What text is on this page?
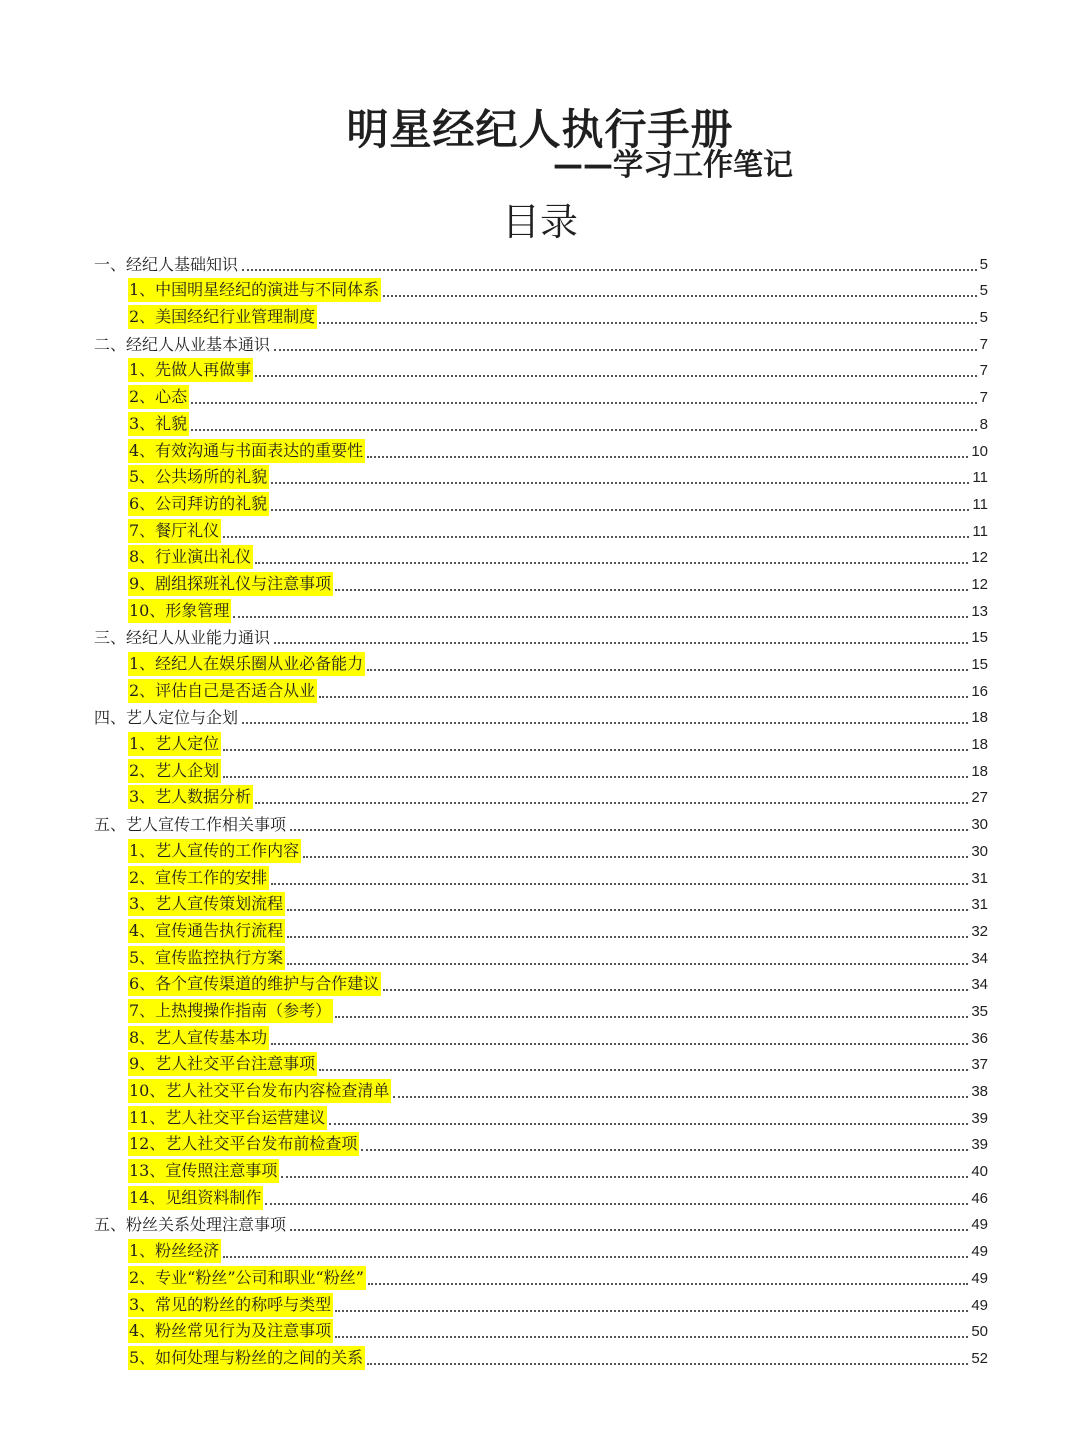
明星经纪人执行手册
——学习工作笔记
目录
一、经纪人基础知识	5
1、中国明星经纪的演进与不同体系	5
2、美国经纪行业管理制度	5
二、经纪人从业基本通识	7
1、先做人再做事	7
2、心态	7
3、礼貌	8
4、有效沟通与书面表达的重要性	10
5、公共场所的礼貌	11
6、公司拜访的礼貌	11
7、餐厅礼仪	11
8、行业演出礼仪	12
9、剧组探班礼仪与注意事项	12
10、形象管理	13
三、经纪人从业能力通识	15
1、经纪人在娱乐圈从业必备能力	15
2、评估自己是否适合从业	16
四、艺人定位与企划	18
1、艺人定位	18
2、艺人企划	18
3、艺人数据分析	27
五、艺人宣传工作相关事项	30
1、艺人宣传的工作内容	30
2、宣传工作的安排	31
3、艺人宣传策划流程	31
4、宣传通告执行流程	32
5、宣传监控执行方案	34
6、各个宣传渠道的维护与合作建议	34
7、上热搜操作指南（参考）	35
8、艺人宣传基本功	36
9、艺人社交平台注意事项	37
10、艺人社交平台发布内容检查清单	38
11、艺人社交平台运营建议	39
12、艺人社交平台发布前检查项	39
13、宣传照注意事项	40
14、见组资料制作	46
五、粉丝关系处理注意事项	49
1、粉丝经济	49
2、专业“粉丝”公司和职业“粉丝”	49
3、常见的粉丝的称呼与类型	49
4、粉丝常见行为及注意事项	50
5、如何处理与粉丝的之间的关系	52
